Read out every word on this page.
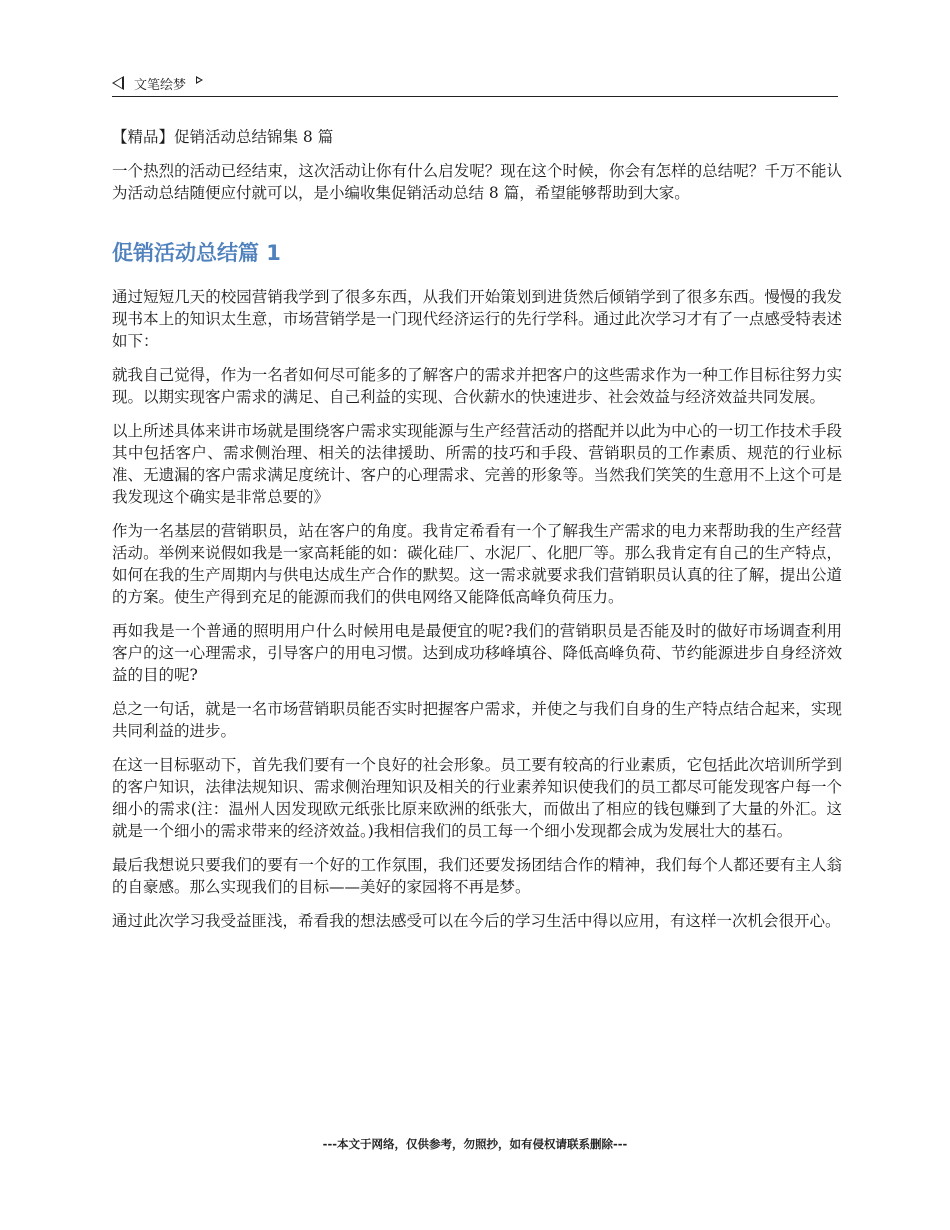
文笔绘梦

【精品】促销活动总结锦集 8 篇

一个热烈的活动已经结束，这次活动让你有什么启发呢？现在这个时候，你会有怎样的总结呢？千万不能认为活动总结随便应付就可以，是小编收集促销活动总结 8 篇，希望能够帮助到大家。

促销活动总结篇 1

通过短短几天的校园营销我学到了很多东西，从我们开始策划到进货然后倾销学到了很多东西。慢慢的我发现书本上的知识太生意，市场营销学是一门现代经济运行的先行学科。通过此次学习才有了一点感受特表述如下：

就我自己觉得，作为一名者如何尽可能多的了解客户的需求并把客户的这些需求作为一种工作目标往努力实现。以期实现客户需求的满足、自己利益的实现、合伙薪水的快速进步、社会效益与经济效益共同发展。

以上所述具体来讲市场就是围绕客户需求实现能源与生产经营活动的搭配并以此为中心的一切工作技术手段其中包括客户、需求侧治理、相关的法律援助、所需的技巧和手段、营销职员的工作素质、规范的行业标准、无遗漏的客户需求满足度统计、客户的心理需求、完善的形象等。当然我们笑笑的生意用不上这个可是我发现这个确实是非常总要的》

作为一名基层的营销职员，站在客户的角度。我肯定希看有一个了解我生产需求的电力来帮助我的生产经营活动。举例来说假如我是一家高耗能的如：碳化硅厂、水泥厂、化肥厂等。那么我肯定有自己的生产特点，如何在我的生产周期内与供电达成生产合作的默契。这一需求就要求我们营销职员认真的往了解，提出公道的方案。使生产得到充足的能源而我们的供电网络又能降低高峰负荷压力。

再如我是一个普通的照明用户什么时候用电是最便宜的呢?我们的营销职员是否能及时的做好市场调查利用客户的这一心理需求，引导客户的用电习惯。达到成功移峰填谷、降低高峰负荷、节约能源进步自身经济效益的目的呢?

总之一句话，就是一名市场营销职员能否实时把握客户需求，并使之与我们自身的生产特点结合起来，实现共同利益的进步。

在这一目标驱动下，首先我们要有一个良好的社会形象。员工要有较高的行业素质，它包括此次培训所学到的客户知识，法律法规知识、需求侧治理知识及相关的行业素养知识使我们的员工都尽可能发现客户每一个细小的需求(注：温州人因发现欧元纸张比原来欧洲的纸张大，而做出了相应的钱包赚到了大量的外汇。这就是一个细小的需求带来的经济效益。)我相信我们的员工每一个细小发现都会成为发展壮大的基石。

最后我想说只要我们的要有一个好的工作氛围，我们还要发扬团结合作的精神，我们每个人都还要有主人翁的自豪感。那么实现我们的目标——美好的家园将不再是梦。

通过此次学习我受益匪浅，希看我的想法感受可以在今后的学习生活中得以应用，有这样一次机会很开心。

---本文于网络，仅供参考，勿照抄，如有侵权请联系删除---
